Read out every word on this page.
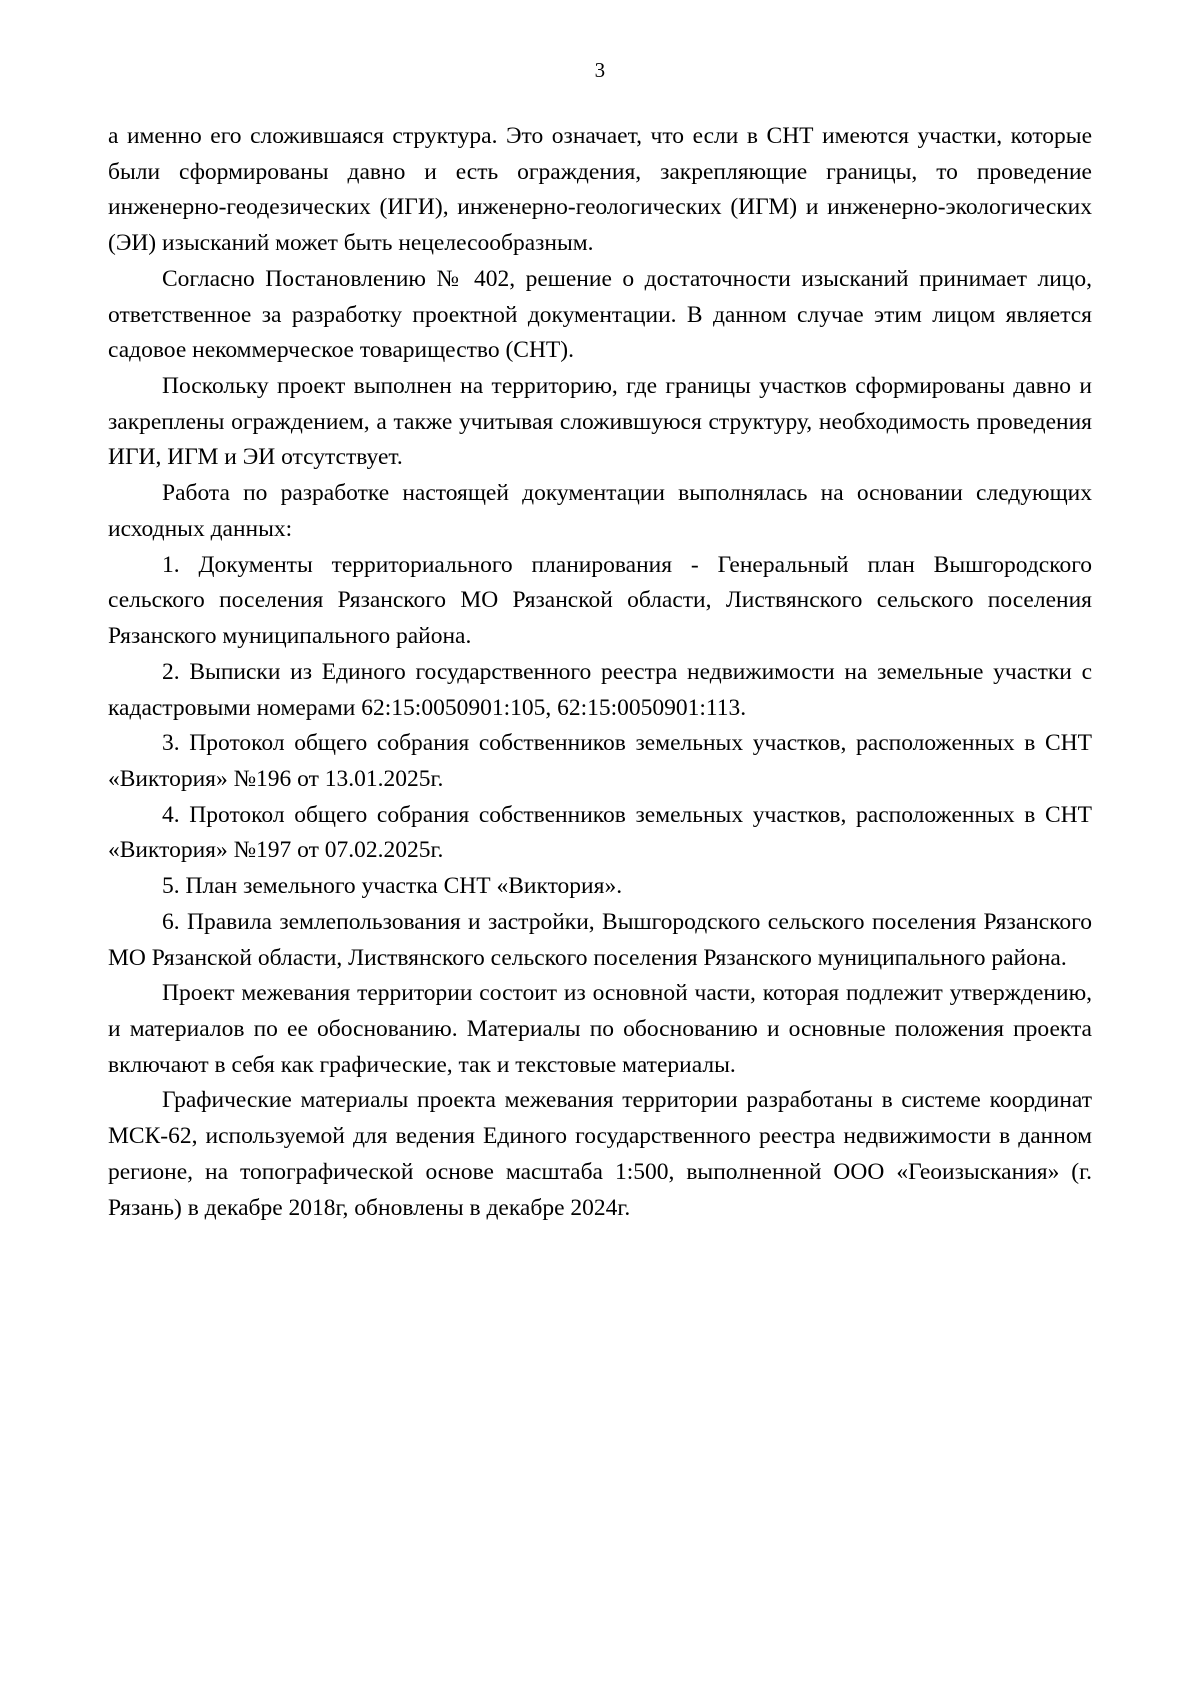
3

а именно его сложившаяся структура. Это означает, что если в СНТ имеются участки, которые были сформированы давно и есть ограждения, закрепляющие границы, то проведение инженерно-геодезических (ИГИ), инженерно-геологических (ИГМ) и инженерно-экологических (ЭИ) изысканий может быть нецелесообразным.

Согласно Постановлению № 402, решение о достаточности изысканий принимает лицо, ответственное за разработку проектной документации. В данном случае этим лицом является садовое некоммерческое товарищество (СНТ).

Поскольку проект выполнен на территорию, где границы участков сформированы давно и закреплены ограждением, а также учитывая сложившуюся структуру, необходимость проведения ИГИ, ИГМ и ЭИ отсутствует.

Работа по разработке настоящей документации выполнялась на основании следующих исходных данных:

1. Документы территориального планирования - Генеральный план Вышгородского сельского поселения Рязанского МО Рязанской области, Листвянского сельского поселения Рязанского муниципального района.

2. Выписки из Единого государственного реестра недвижимости на земельные участки с кадастровыми номерами 62:15:0050901:105, 62:15:0050901:113.

3. Протокол общего собрания собственников земельных участков, расположенных в СНТ «Виктория» №196 от 13.01.2025г.

4. Протокол общего собрания собственников земельных участков, расположенных в СНТ «Виктория» №197 от 07.02.2025г.

5. План земельного участка СНТ «Виктория».

6. Правила землепользования и застройки, Вышгородского сельского поселения Рязанского МО Рязанской области, Листвянского сельского поселения Рязанского муниципального района.

Проект межевания территории состоит из основной части, которая подлежит утверждению, и материалов по ее обоснованию. Материалы по обоснованию и основные положения проекта включают в себя как графические, так и текстовые материалы.

Графические материалы проекта межевания территории разработаны в системе координат МСК-62, используемой для ведения Единого государственного реестра недвижимости в данном регионе, на топографической основе масштаба 1:500, выполненной ООО «Геоизыскания» (г. Рязань) в декабре 2018г, обновлены в декабре 2024г.
